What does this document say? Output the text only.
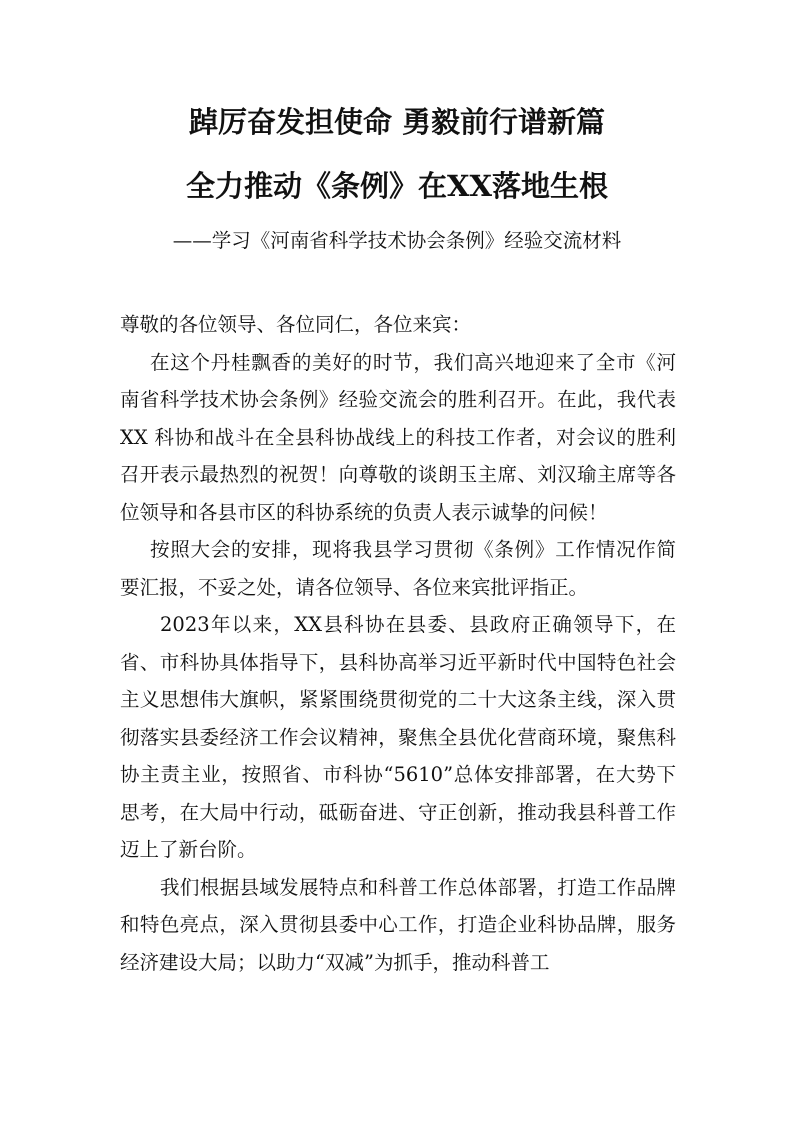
踔厉奋发担使命 勇毅前行谱新篇
全力推动《条例》在XX落地生根
——学习《河南省科学技术协会条例》经验交流材料

尊敬的各位领导、各位同仁，各位来宾：

在这个丹桂飘香的美好的时节，我们高兴地迎来了全市《河南省科学技术协会条例》经验交流会的胜利召开。在此，我代表 XX 科协和战斗在全县科协战线上的科技工作者，对会议的胜利召开表示最热烈的祝贺！向尊敬的谈朗玉主席、刘汉瑜主席等各位领导和各县市区的科协系统的负责人表示诚挚的问候！

按照大会的安排，现将我县学习贯彻《条例》工作情况作简要汇报，不妥之处，请各位领导、各位来宾批评指正。

2023年以来，XX县科协在县委、县政府正确领导下，在省、市科协具体指导下，县科协高举习近平新时代中国特色社会主义思想伟大旗帜，紧紧围绕贯彻党的二十大这条主线，深入贯彻落实县委经济工作会议精神，聚焦全县优化营商环境，聚焦科协主责主业，按照省、市科协“5610”总体安排部署，在大势下思考，在大局中行动，砥砺奋进、守正创新，推动我县科普工作迈上了新台阶。

我们根据县域发展特点和科普工作总体部署，打造工作品牌和特色亮点，深入贯彻县委中心工作，打造企业科协品牌，服务经济建设大局；以助力“双减”为抓手，推动科普工
